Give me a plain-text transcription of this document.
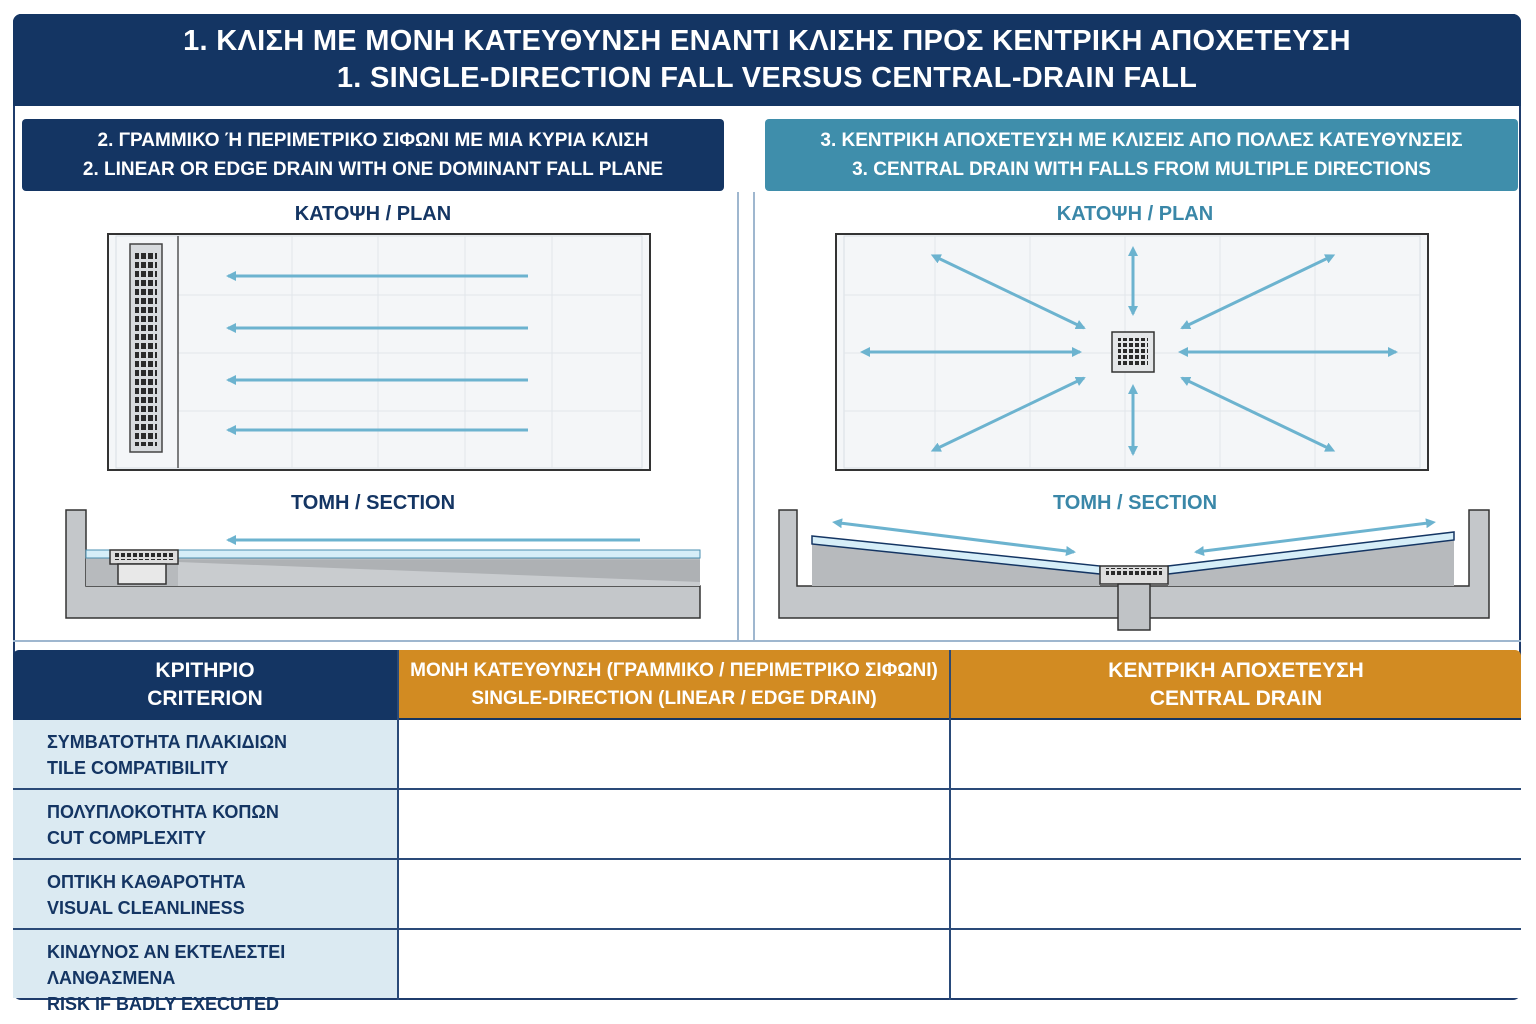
1. ΚΛΙΣΗ ΜΕ ΜΟΝΗ ΚΑΤΕΥΘΥΝΣΗ ΕΝΑΝΤΙ ΚΛΙΣΗΣ ΠΡΟΣ ΚΕΝΤΡΙΚΗ ΑΠΟΧΕΤΕΥΣΗ
1. SINGLE-DIRECTION FALL VERSUS CENTRAL-DRAIN FALL
2. ΓΡΑΜΜΙΚΟ Ή ΠΕΡΙΜΕΤΡΙΚΟ ΣΙΦΩΝΙ ΜΕ ΜΙΑ ΚΥΡΙΑ ΚΛΙΣΗ
2. LINEAR OR EDGE DRAIN WITH ONE DOMINANT FALL PLANE
3. ΚΕΝΤΡΙΚΗ ΑΠΟΧΕΤΕΥΣΗ ΜΕ ΚΛΙΣΕΙΣ ΑΠΟ ΠΟΛΛΕΣ ΚΑΤΕΥΘΥΝΣΕΙΣ
3. CENTRAL DRAIN WITH FALLS FROM MULTIPLE DIRECTIONS
ΚΑΤΟΨΗ / PLAN
ΤΟΜΗ / SECTION
ΚΑΤΟΨΗ / PLAN
ΤΟΜΗ / SECTION
ΚΡΙΤΗΡΙΟ
CRITERION
ΜΟΝΗ ΚΑΤΕΥΘΥΝΣΗ (ΓΡΑΜΜΙΚΟ / ΠΕΡΙΜΕΤΡΙΚΟ ΣΙΦΩΝΙ)
SINGLE-DIRECTION (LINEAR / EDGE DRAIN)
ΚΕΝΤΡΙΚΗ ΑΠΟΧΕΤΕΥΣΗ
CENTRAL DRAIN
ΣΥΜΒΑΤΟΤΗΤΑ ΠΛΑΚΙΔΙΩΝ
TILE COMPATIBILITY
ΠΟΛΥΠΛΟΚΟΤΗΤΑ ΚΟΠΩΝ
CUT COMPLEXITY
ΟΠΤΙΚΗ ΚΑΘΑΡΟΤΗΤΑ
VISUAL CLEANLINESS
ΚΙΝΔΥΝΟΣ ΑΝ ΕΚΤΕΛΕΣΤΕΙ ΛΑΝΘΑΣΜΕΝΑ
RISK IF BADLY EXECUTED
